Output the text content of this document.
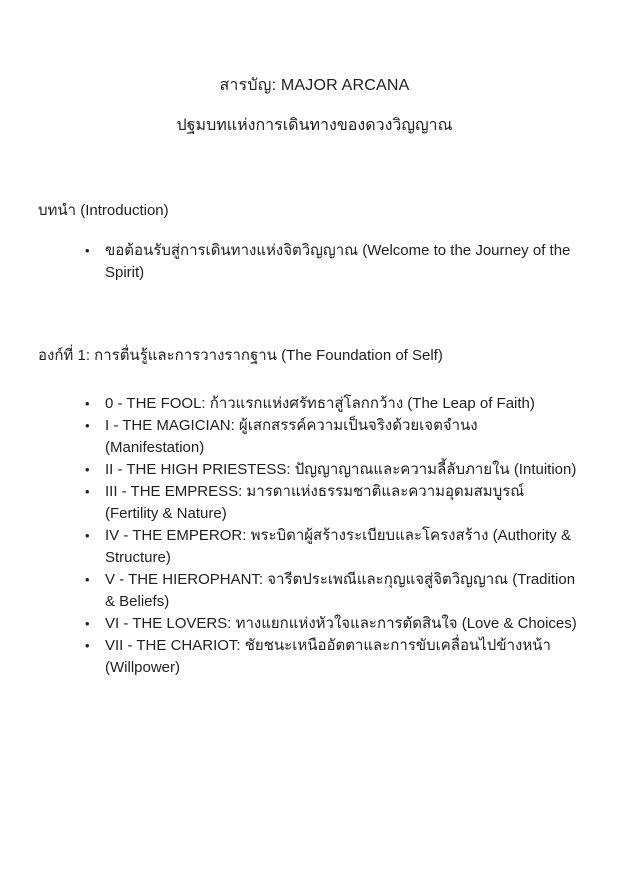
สารบัญ: MAJOR ARCANA

ปฐมบทแห่งการเดินทางของดวงวิญญาณ

บทนำ (Introduction)

• ขอต้อนรับสู่การเดินทางแห่งจิตวิญญาณ (Welcome to the Journey of the Spirit)

องก์ที่ 1: การตื่นรู้และการวางรากฐาน (The Foundation of Self)

• 0 - THE FOOL: ก้าวแรกแห่งศรัทธาสู่โลกกว้าง (The Leap of Faith)
• I - THE MAGICIAN: ผู้เสกสรรค์ความเป็นจริงด้วยเจตจำนง (Manifestation)
• II - THE HIGH PRIESTESS: ปัญญาญาณและความลี้ลับภายใน (Intuition)
• III - THE EMPRESS: มารดาแห่งธรรมชาติและความอุดมสมบูรณ์ (Fertility & Nature)
• IV - THE EMPEROR: พระบิดาผู้สร้างระเบียบและโครงสร้าง (Authority & Structure)
• V - THE HIEROPHANT: จารีตประเพณีและกุญแจสู่จิตวิญญาณ (Tradition & Beliefs)
• VI - THE LOVERS: ทางแยกแห่งหัวใจและการตัดสินใจ (Love & Choices)
• VII - THE CHARIOT: ชัยชนะเหนืออัตตาและการขับเคลื่อนไปข้างหน้า (Willpower)
